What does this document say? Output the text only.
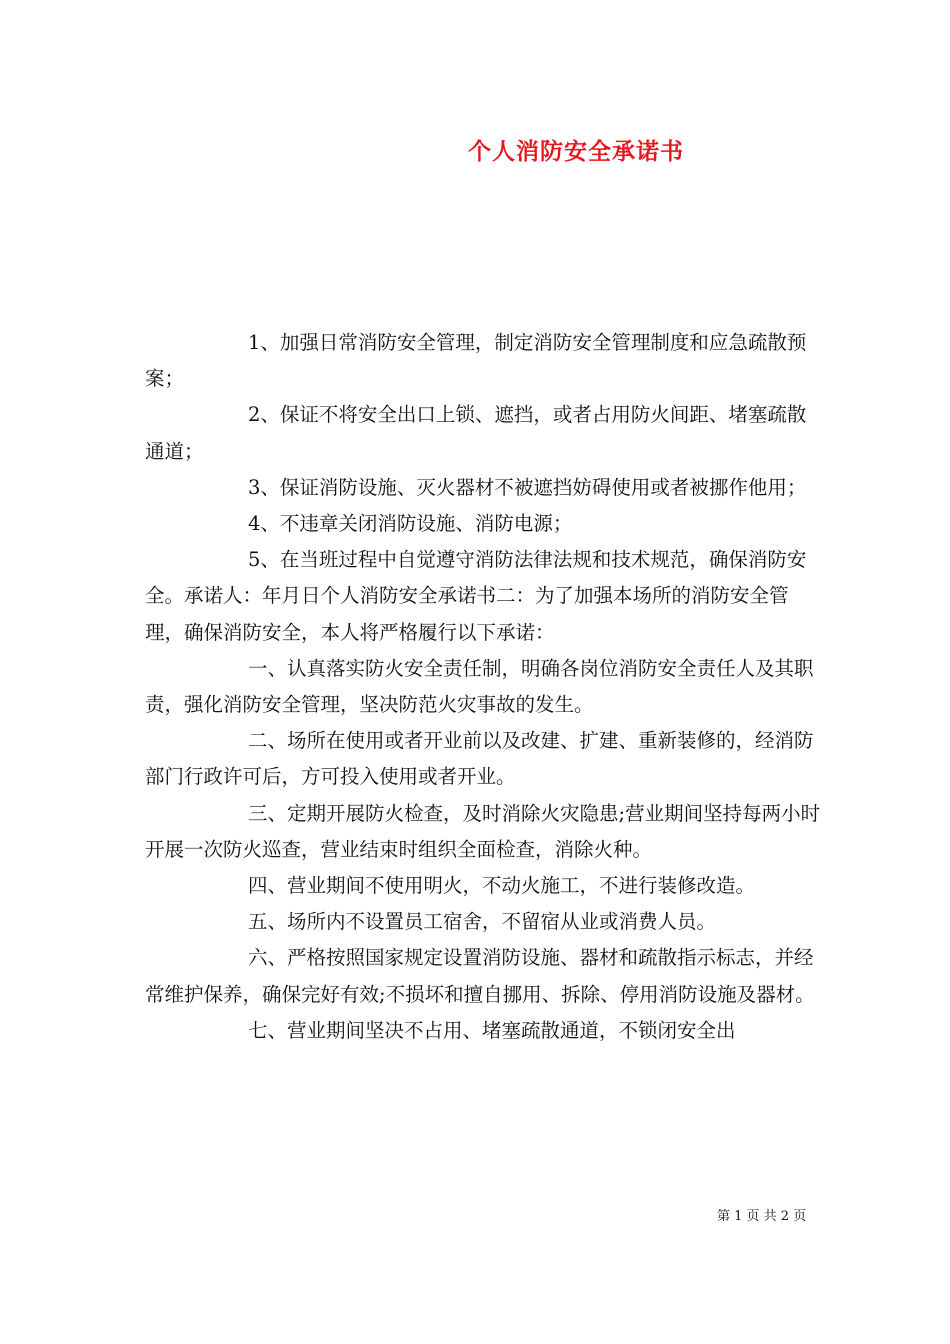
个人消防安全承诺书

1、加强日常消防安全管理，制定消防安全管理制度和应急疏散预案；

2、保证不将安全出口上锁、遮挡，或者占用防火间距、堵塞疏散通道；

3、保证消防设施、灭火器材不被遮挡妨碍使用或者被挪作他用；

4、不违章关闭消防设施、消防电源；

5、在当班过程中自觉遵守消防法律法规和技术规范，确保消防安全。承诺人：年月日个人消防安全承诺书二：为了加强本场所的消防安全管理，确保消防安全，本人将严格履行以下承诺：

一、认真落实防火安全责任制，明确各岗位消防安全责任人及其职责，强化消防安全管理，坚决防范火灾事故的发生。

二、场所在使用或者开业前以及改建、扩建、重新装修的，经消防部门行政许可后，方可投入使用或者开业。

三、定期开展防火检查，及时消除火灾隐患;营业期间坚持每两小时开展一次防火巡查，营业结束时组织全面检查，消除火种。

四、营业期间不使用明火，不动火施工，不进行装修改造。

五、场所内不设置员工宿舍，不留宿从业或消费人员。

六、严格按照国家规定设置消防设施、器材和疏散指示标志，并经常维护保养，确保完好有效;不损坏和擅自挪用、拆除、停用消防设施及器材。

七、营业期间坚决不占用、堵塞疏散通道，不锁闭安全出

第 1 页 共 2 页
